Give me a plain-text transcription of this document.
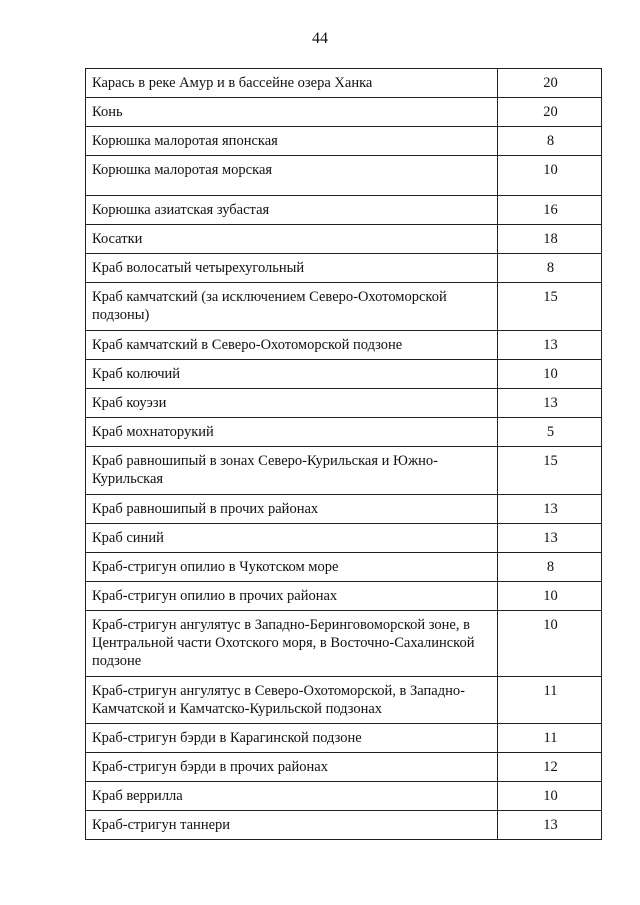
44
Карась в реке Амур и в бассейне озера Ханка	20
Конь	20
Корюшка малоротая японская	8
Корюшка малоротая морская	10
Корюшка азиатская зубастая	16
Косатки	18
Краб волосатый четырехугольный	8
Краб камчатский (за исключением Северо-Охотоморской подзоны)	15
Краб камчатский в Северо-Охотоморской подзоне	13
Краб колючий	10
Краб коуэзи	13
Краб мохнаторукий	5
Краб равношипый в зонах Северо-Курильская и Южно-Курильская	15
Краб равношипый в прочих районах	13
Краб синий	13
Краб-стригун опилио в Чукотском море	8
Краб-стригун опилио в прочих районах	10
Краб-стригун ангулятус в Западно-Беринговоморской зоне, в Центральной части Охотского моря, в Восточно-Сахалинской подзоне	10
Краб-стригун ангулятус в Северо-Охотоморской, в Западно-Камчатской и Камчатско-Курильской подзонах	11
Краб-стригун бэрди в Карагинской подзоне	11
Краб-стригун бэрди в прочих районах	12
Краб веррилла	10
Краб-стригун таннери	13
